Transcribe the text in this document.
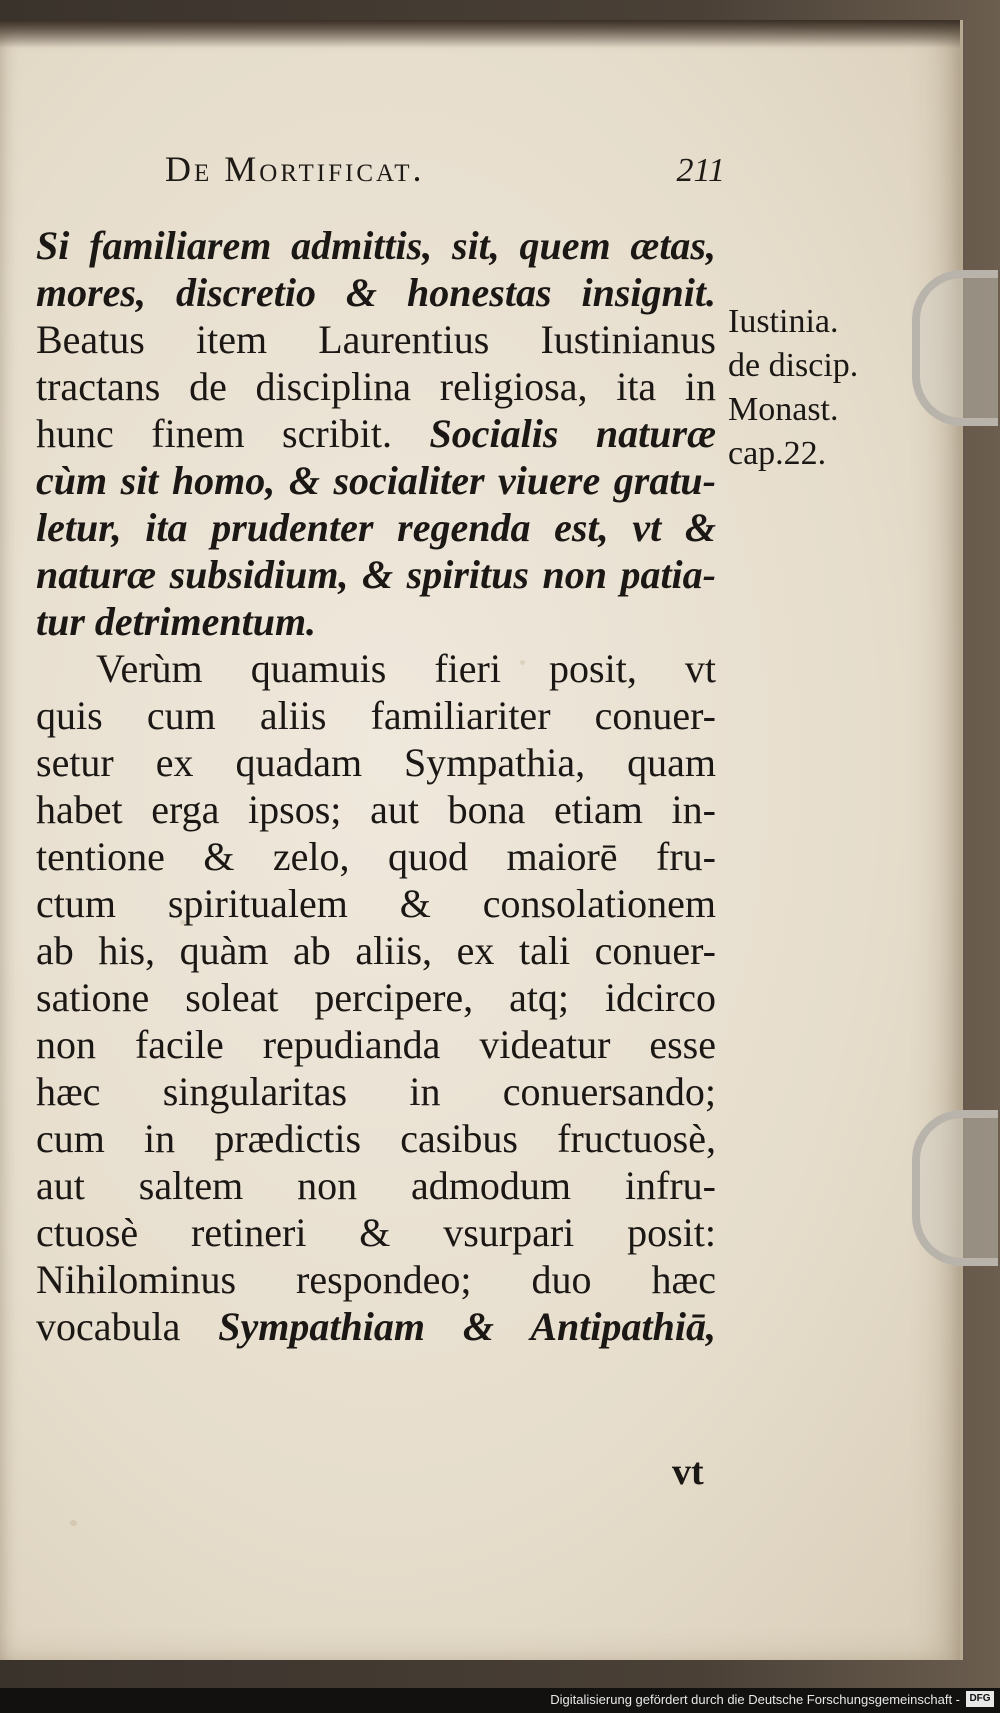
De Mortificat.	211
Si familiarem admittis, sit, quem ætas,
mores, discretio & honestas insignit.
Beatus item Laurentius Iustinianus
tractans de disciplina religiosa, ita in
hunc finem scribit. Socialis naturæ
cùm sit homo, & socialiter viuere gratu-
letur, ita prudenter regenda est, vt &
naturæ subsidium, & spiritus non patia-
tur detrimentum.
Verùm quamuis fieri posit, vt
quis cum aliis familiariter conuer-
setur ex quadam Sympathia, quam
habet erga ipsos; aut bona etiam in-
tentione & zelo, quod maiorē fru-
ctum spiritualem & consolationem
ab his, quàm ab aliis, ex tali conuer-
satione soleat percipere, atq; idcirco
non facile repudianda videatur esse
hæc singularitas in conuersando;
cum in prædictis casibus fructuosè,
aut saltem non admodum infru-
ctuosè retineri & vsurpari posit:
Nihilominus respondeo; duo hæc
vocabula Sympathiam & Antipathiā,
Iustinia.
de discip.
Monast.
cap.22.
vt
Digitalisierung gefördert durch die Deutsche Forschungsgemeinschaft - DFG
